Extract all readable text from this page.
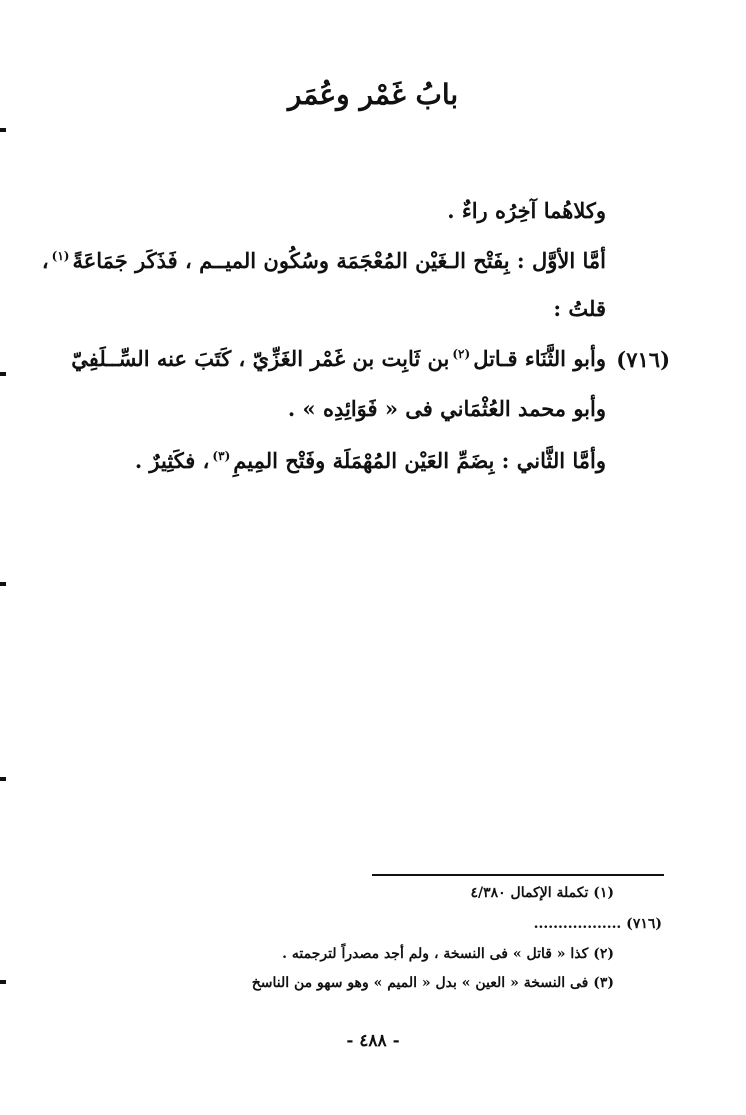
بابُ غَمْر وعُمَر
وكلاهُما آخِرُه راءٌ .
أمَّا الأوَّل : بِفَتْح الـغَيْن المُعْجَمَة وسُكُون الميــم ، فَذَكَر جَمَاعَةً$^{(١)}$،
قلتُ :
(٧١٦)
وأبو الثَّنَاء قـاتل$^{(٢)}$بن ثَابِت بن غَمْر الغَزِّيّ ، كَتَبَ عنه السِّــلَفِيّ
وأبو محمد العُثْمَاني فى « فَوَائِدِه » .
وأمَّا الثَّاني : بِضَمِّ العَيْن المُهْمَلَة وفَتْح المِيمِ$^{(٣)}$، فكَثِيرٌ .
(١) تكملة الإكمال ٤/٣٨٠
(٧١٦) ..................
(٢) كذا « قاتل » فى النسخة ، ولم أجد مصدراً لترجمته .
(٣) فى النسخة « العين » بدل « الميم » وهو سهو من الناسخ
- ٤٨٨ -
